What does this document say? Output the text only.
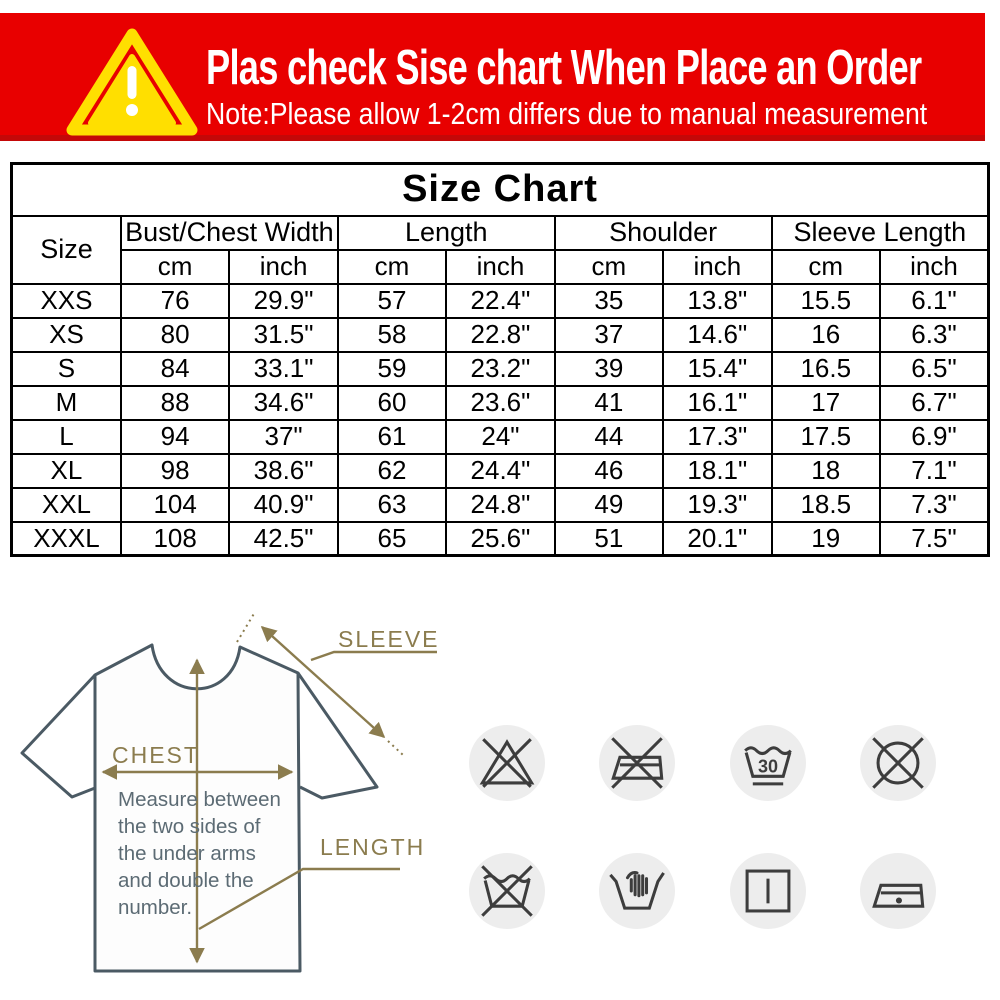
Plas check Sise chart When Place an Order
Note:Please allow 1-2cm differs due to manual measurement
Size Chart								
Size	Bust/Chest Width		Length		Shoulder		Sleeve Length	
	cm	inch	cm	inch	cm	inch	cm	inch
XXS	76	29.9"	57	22.4"	35	13.8"	15.5	6.1"
XS	80	31.5"	58	22.8"	37	14.6"	16	6.3"
S	84	33.1"	59	23.2"	39	15.4"	16.5	6.5"
M	88	34.6"	60	23.6"	41	16.1"	17	6.7"
L	94	37"	61	24"	44	17.3"	17.5	6.9"
XL	98	38.6"	62	24.4"	46	18.1"	18	7.1"
XXL	104	40.9"	63	24.8"	49	19.3"	18.5	7.3"
XXXL	108	42.5"	65	25.6"	51	20.1"	19	7.5"
CHEST
SLEEVE
LENGTH
Measure between
the two sides of
the under arms
and double the
number.
30
